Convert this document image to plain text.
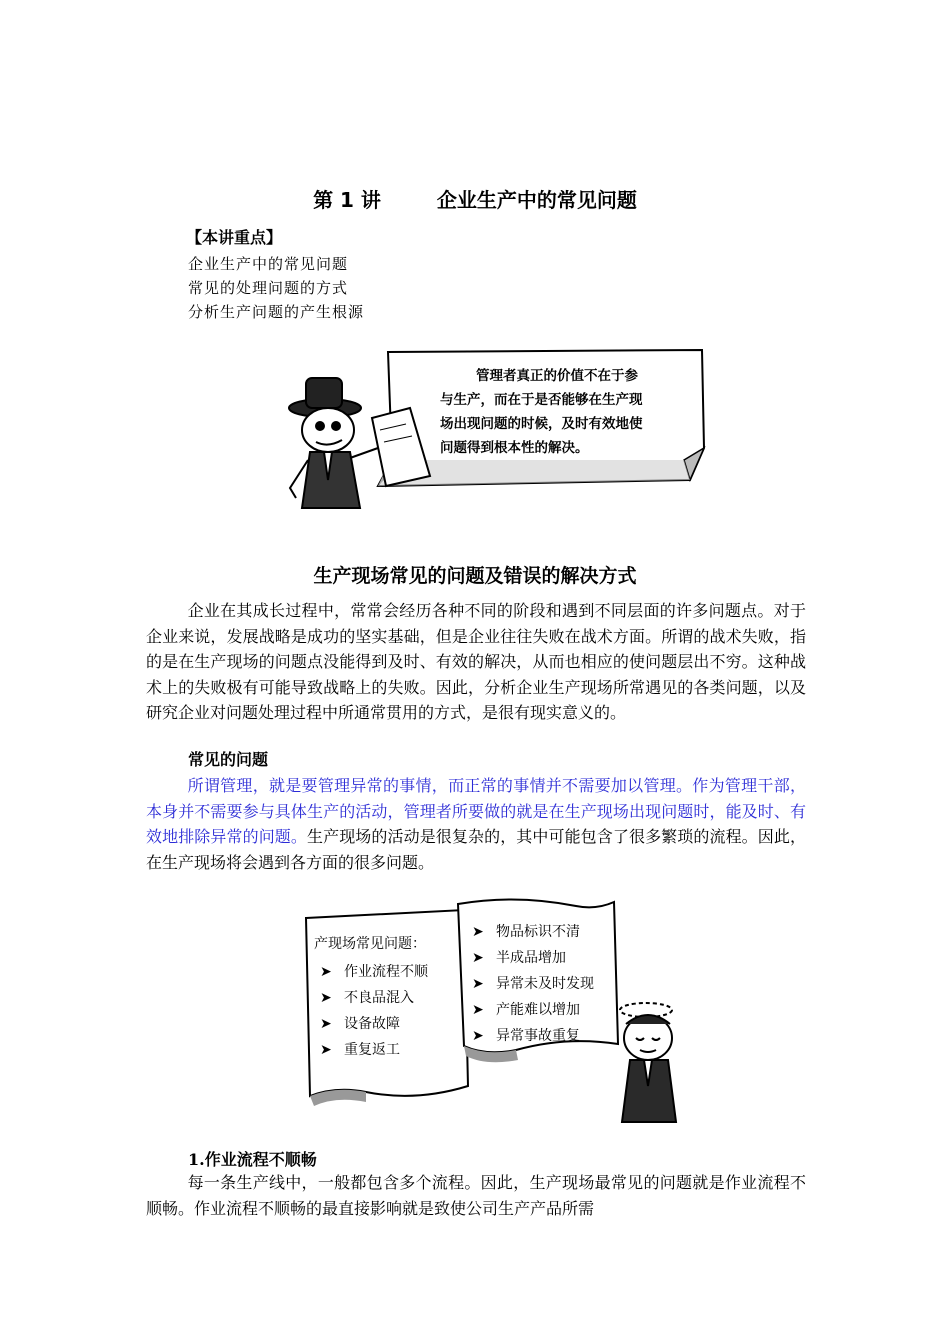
第 1 讲	企业生产中的常见问题
【本讲重点】
企业生产中的常见问题
常见的处理问题的方式
分析生产问题的产生根源
管理者真正的价值不在于参
与生产，而在于是否能够在生产现
场出现问题的时候，及时有效地使
问题得到根本性的解决。
生产现场常见的问题及错误的解决方式

企业在其成长过程中，常常会经历各种不同的阶段和遇到不同层面的许多问题点。对于企业来说，发展战略是成功的坚实基础，但是企业往往失败在战术方面。所谓的战术失败，指的是在生产现场的问题点没能得到及时、有效的解决，从而也相应的使问题层出不穷。这种战术上的失败极有可能导致战略上的失败。因此，分析企业生产现场所常遇见的各类问题，以及研究企业对问题处理过程中所通常贯用的方式，是很有现实意义的。

常见的问题

所谓管理，就是要管理异常的事情，而正常的事情并不需要加以管理。作为管理干部，本身并不需要参与具体生产的活动，管理者所要做的就是在生产现场出现问题时，能及时、有效地排除异常的问题。生产现场的活动是很复杂的，其中可能包含了很多繁琐的流程。因此，在生产现场将会遇到各方面的很多问题。

产现场常见问题：
➤ 作业流程不顺
➤ 不良品混入
➤ 设备故障
➤ 重复返工
➤ 物品标识不清
➤ 半成品增加
➤ 异常未及时发现
➤ 产能难以增加
➤ 异常事故重复
1.作业流程不顺畅

每一条生产线中，一般都包含多个流程。因此，生产现场最常见的问题就是作业流程不顺畅。作业流程不顺畅的最直接影响就是致使公司生产产品所需
